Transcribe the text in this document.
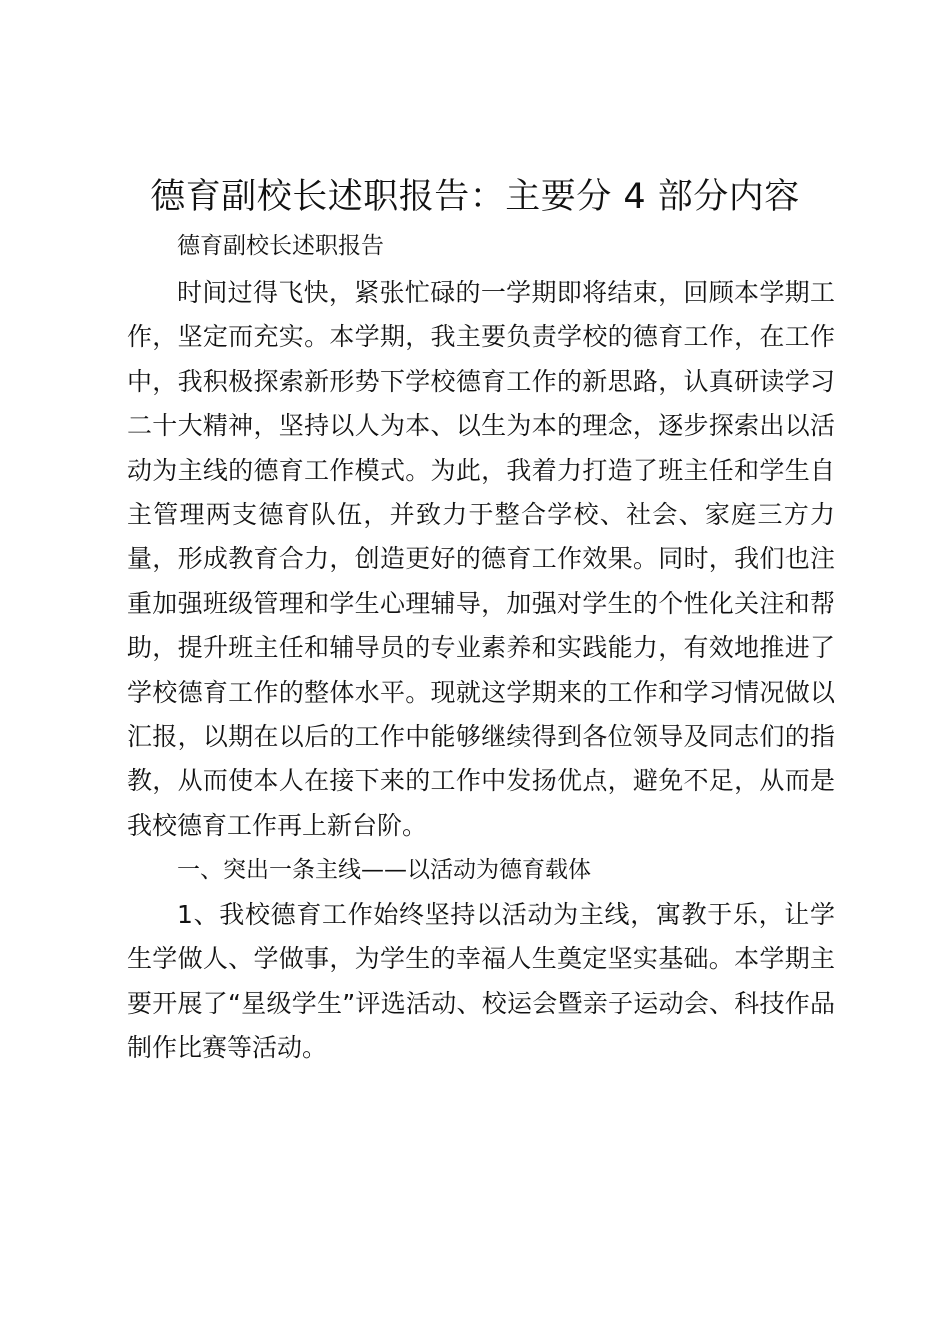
德育副校长述职报告：主要分 4 部分内容

德育副校长述职报告

时间过得飞快，紧张忙碌的一学期即将结束，回顾本学期工作，坚定而充实。本学期，我主要负责学校的德育工作，在工作中，我积极探索新形势下学校德育工作的新思路，认真研读学习二十大精神，坚持以人为本、以生为本的理念，逐步探索出以活动为主线的德育工作模式。为此，我着力打造了班主任和学生自主管理两支德育队伍，并致力于整合学校、社会、家庭三方力量，形成教育合力，创造更好的德育工作效果。同时，我们也注重加强班级管理和学生心理辅导，加强对学生的个性化关注和帮助，提升班主任和辅导员的专业素养和实践能力，有效地推进了学校德育工作的整体水平。现就这学期来的工作和学习情况做以汇报，以期在以后的工作中能够继续得到各位领导及同志们的指教，从而使本人在接下来的工作中发扬优点，避免不足，从而是我校德育工作再上新台阶。

一、突出一条主线——以活动为德育载体

1、我校德育工作始终坚持以活动为主线，寓教于乐，让学生学做人、学做事，为学生的幸福人生奠定坚实基础。本学期主要开展了“星级学生”评选活动、校运会暨亲子运动会、科技作品制作比赛等活动。
